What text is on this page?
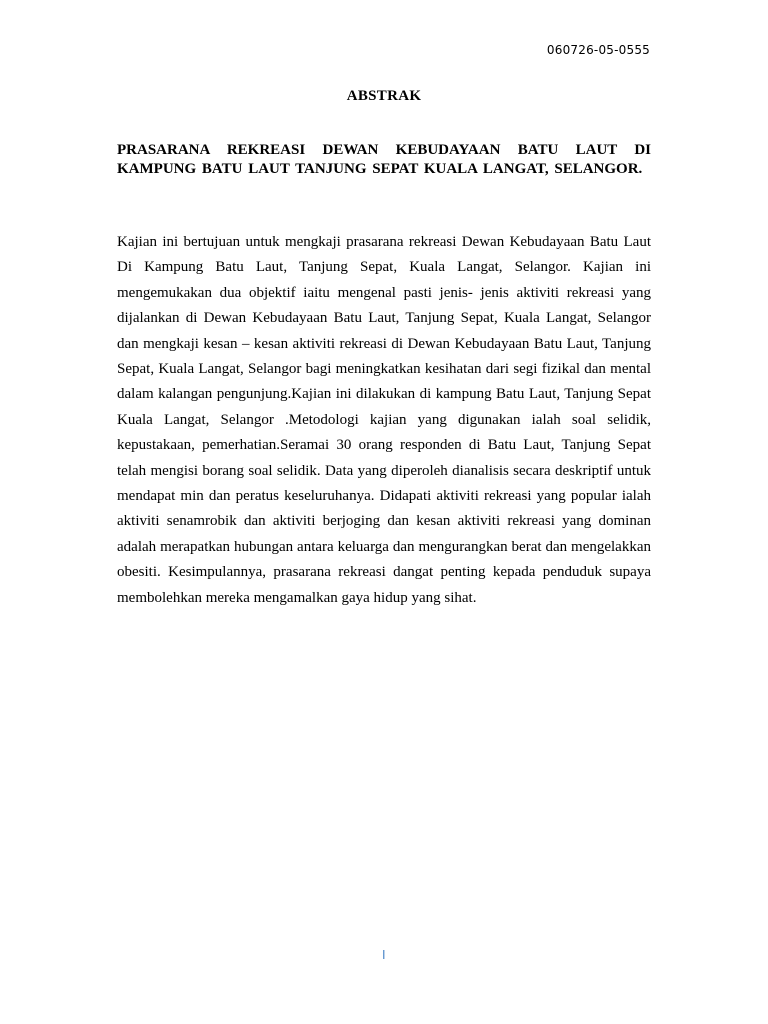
060726-05-0555
ABSTRAK
PRASARANA REKREASI DEWAN KEBUDAYAAN BATU LAUT DI KAMPUNG BATU LAUT TANJUNG SEPAT KUALA LANGAT, SELANGOR.
Kajian ini bertujuan untuk mengkaji prasarana rekreasi Dewan Kebudayaan Batu Laut Di Kampung Batu Laut, Tanjung Sepat, Kuala Langat, Selangor. Kajian ini mengemukakan dua objektif iaitu mengenal pasti jenis- jenis aktiviti rekreasi yang dijalankan di Dewan Kebudayaan Batu Laut, Tanjung Sepat, Kuala Langat, Selangor dan mengkaji kesan – kesan aktiviti rekreasi di Dewan Kebudayaan Batu Laut, Tanjung Sepat, Kuala Langat, Selangor bagi meningkatkan kesihatan dari segi fizikal dan mental dalam kalangan pengunjung.Kajian ini dilakukan di kampung Batu Laut, Tanjung Sepat Kuala Langat, Selangor .Metodologi kajian yang digunakan ialah soal selidik, kepustakaan, pemerhatian.Seramai 30 orang responden di Batu Laut, Tanjung Sepat telah mengisi borang soal selidik. Data yang diperoleh dianalisis secara deskriptif untuk mendapat min dan peratus keseluruhanya. Didapati aktiviti rekreasi yang popular ialah aktiviti senamrobik dan aktiviti berjoging dan kesan aktiviti rekreasi yang dominan adalah merapatkan hubungan antara keluarga dan mengurangkan berat dan mengelakkan obesiti. Kesimpulannya, prasarana rekreasi dangat penting kepada penduduk supaya membolehkan mereka mengamalkan gaya hidup yang sihat.
I
